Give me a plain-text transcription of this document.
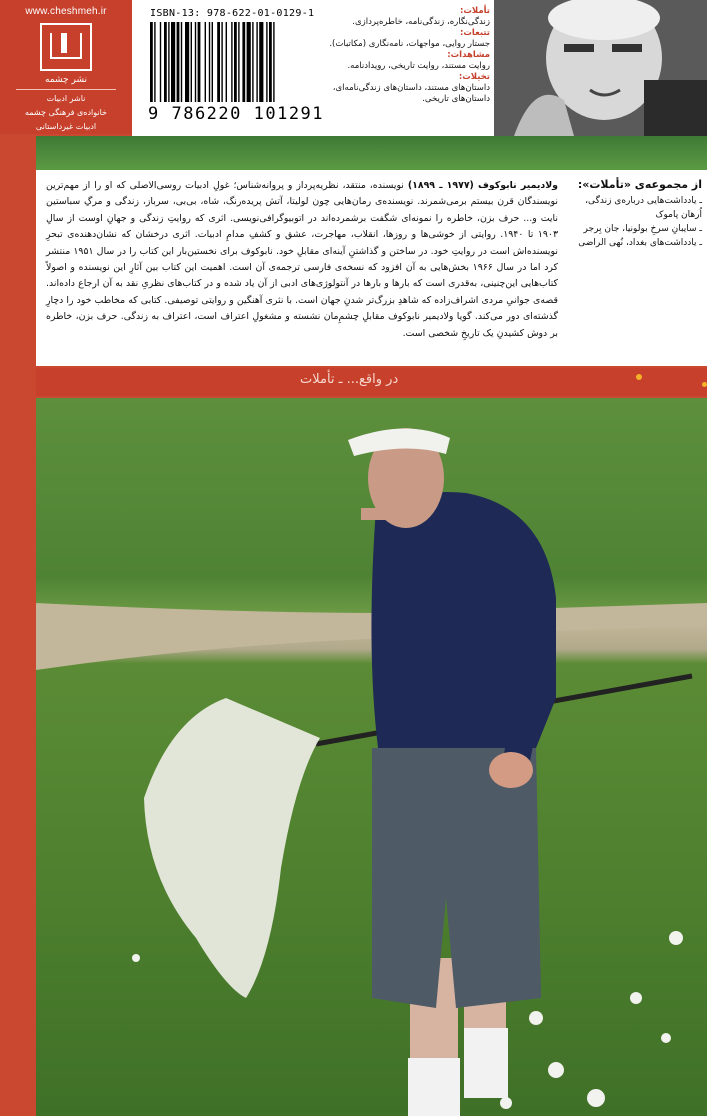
www.cheshmeh.ir
نشر چشمه
ناشر ادبیات
خانواده‌ی فرهنگی چشمه
ادبیات غیرداستانی
ISBN-13: 978-622-01-0129-1
9 786220 101291
تأملات:
زندگی‌نگاره، زندگی‌نامه، خاطره‌پردازی.
تتبعات:
جستار روایی، مواجهات، نامه‌نگاری (مکاتبات).
مشاهدات:
روایت مستند، روایت تاریخی، رویدادنامه.
تخیلات:
داستان‌های مستند، داستان‌های زندگی‌نامه‌ای، داستان‌های تاریخی.
ولادیمیر نابوکوف (۱۹۷۷ ـ ۱۸۹۹) نویسنده، منتقد، نظریه‌پرداز و پروانه‌شناس؛ غولِ ادبیات روسی‌الاصلی که او را از مهم‌ترین نویسندگان قرن بیستم برمی‌شمرند. نویسنده‌ی رمان‌هایی چون لولیتا، آتش پریده‌رنگ، شاه، بی‌بی، سرباز، زندگی و مرگِ سباستین نایت و... حرف بزن، خاطره را نمونه‌ای شگفت برشمرده‌اند در اتوبیوگرافی‌نویسی. اثری که روایتِ زندگی و جهانِ اوست از سالِ ۱۹۰۳ تا ۱۹۴۰. روایتی از خوشی‌ها و روزها، انقلاب، مهاجرت، عشق و کشفِ مدامِ ادبیات. اثری درخشان که نشان‌دهنده‌ی تبحرِ نویسنده‌اش است در روایتِ خود. در ساختن و گذاشتنِ آینه‌ای مقابلِ خود. نابوکوف برای نخستین‌بار این کتاب را در سال ۱۹۵۱ منتشر کرد اما در سال ۱۹۶۶ بخش‌هایی به آن افزود که نسخه‌ی فارسی ترجمه‌ی آن است. اهمیت این کتاب بین آثارِ این نویسنده و اصولاً کتاب‌هایی این‌چنینی، به‌قدری است که بارها و بارها در آنتولوژی‌های ادبی از آن یاد شده و در کتاب‌های نظریِ نقد به آن ارجاع داده‌اند. قصه‌ی جوانیِ مردی اشراف‌زاده که شاهدِ بزرگ‌تر شدنِ جهان است. با نثری آهنگین و روایتی توصیفی. کتابی که مخاطب خود را دچارِ گذشته‌ای دور می‌کند. گویا ولادیمیر نابوکوف مقابلِ چشم‌ِمان نشسته و مشغولِ اعتراف است، اعتراف به زندگی. حرف بزن، خاطره بر دوش کشیدنِ یک تاریخِ شخصی است.
از مجموعه‌ی «تأملات»:
ـ یادداشت‌هایی درباره‌ی زندگی، اُرهان پاموک
ـ سایبانِ سرخِ بولونیا، جان بِرجر
ـ یادداشت‌های بغداد، نُهی الراضی
در واقع... ـ تأملات
